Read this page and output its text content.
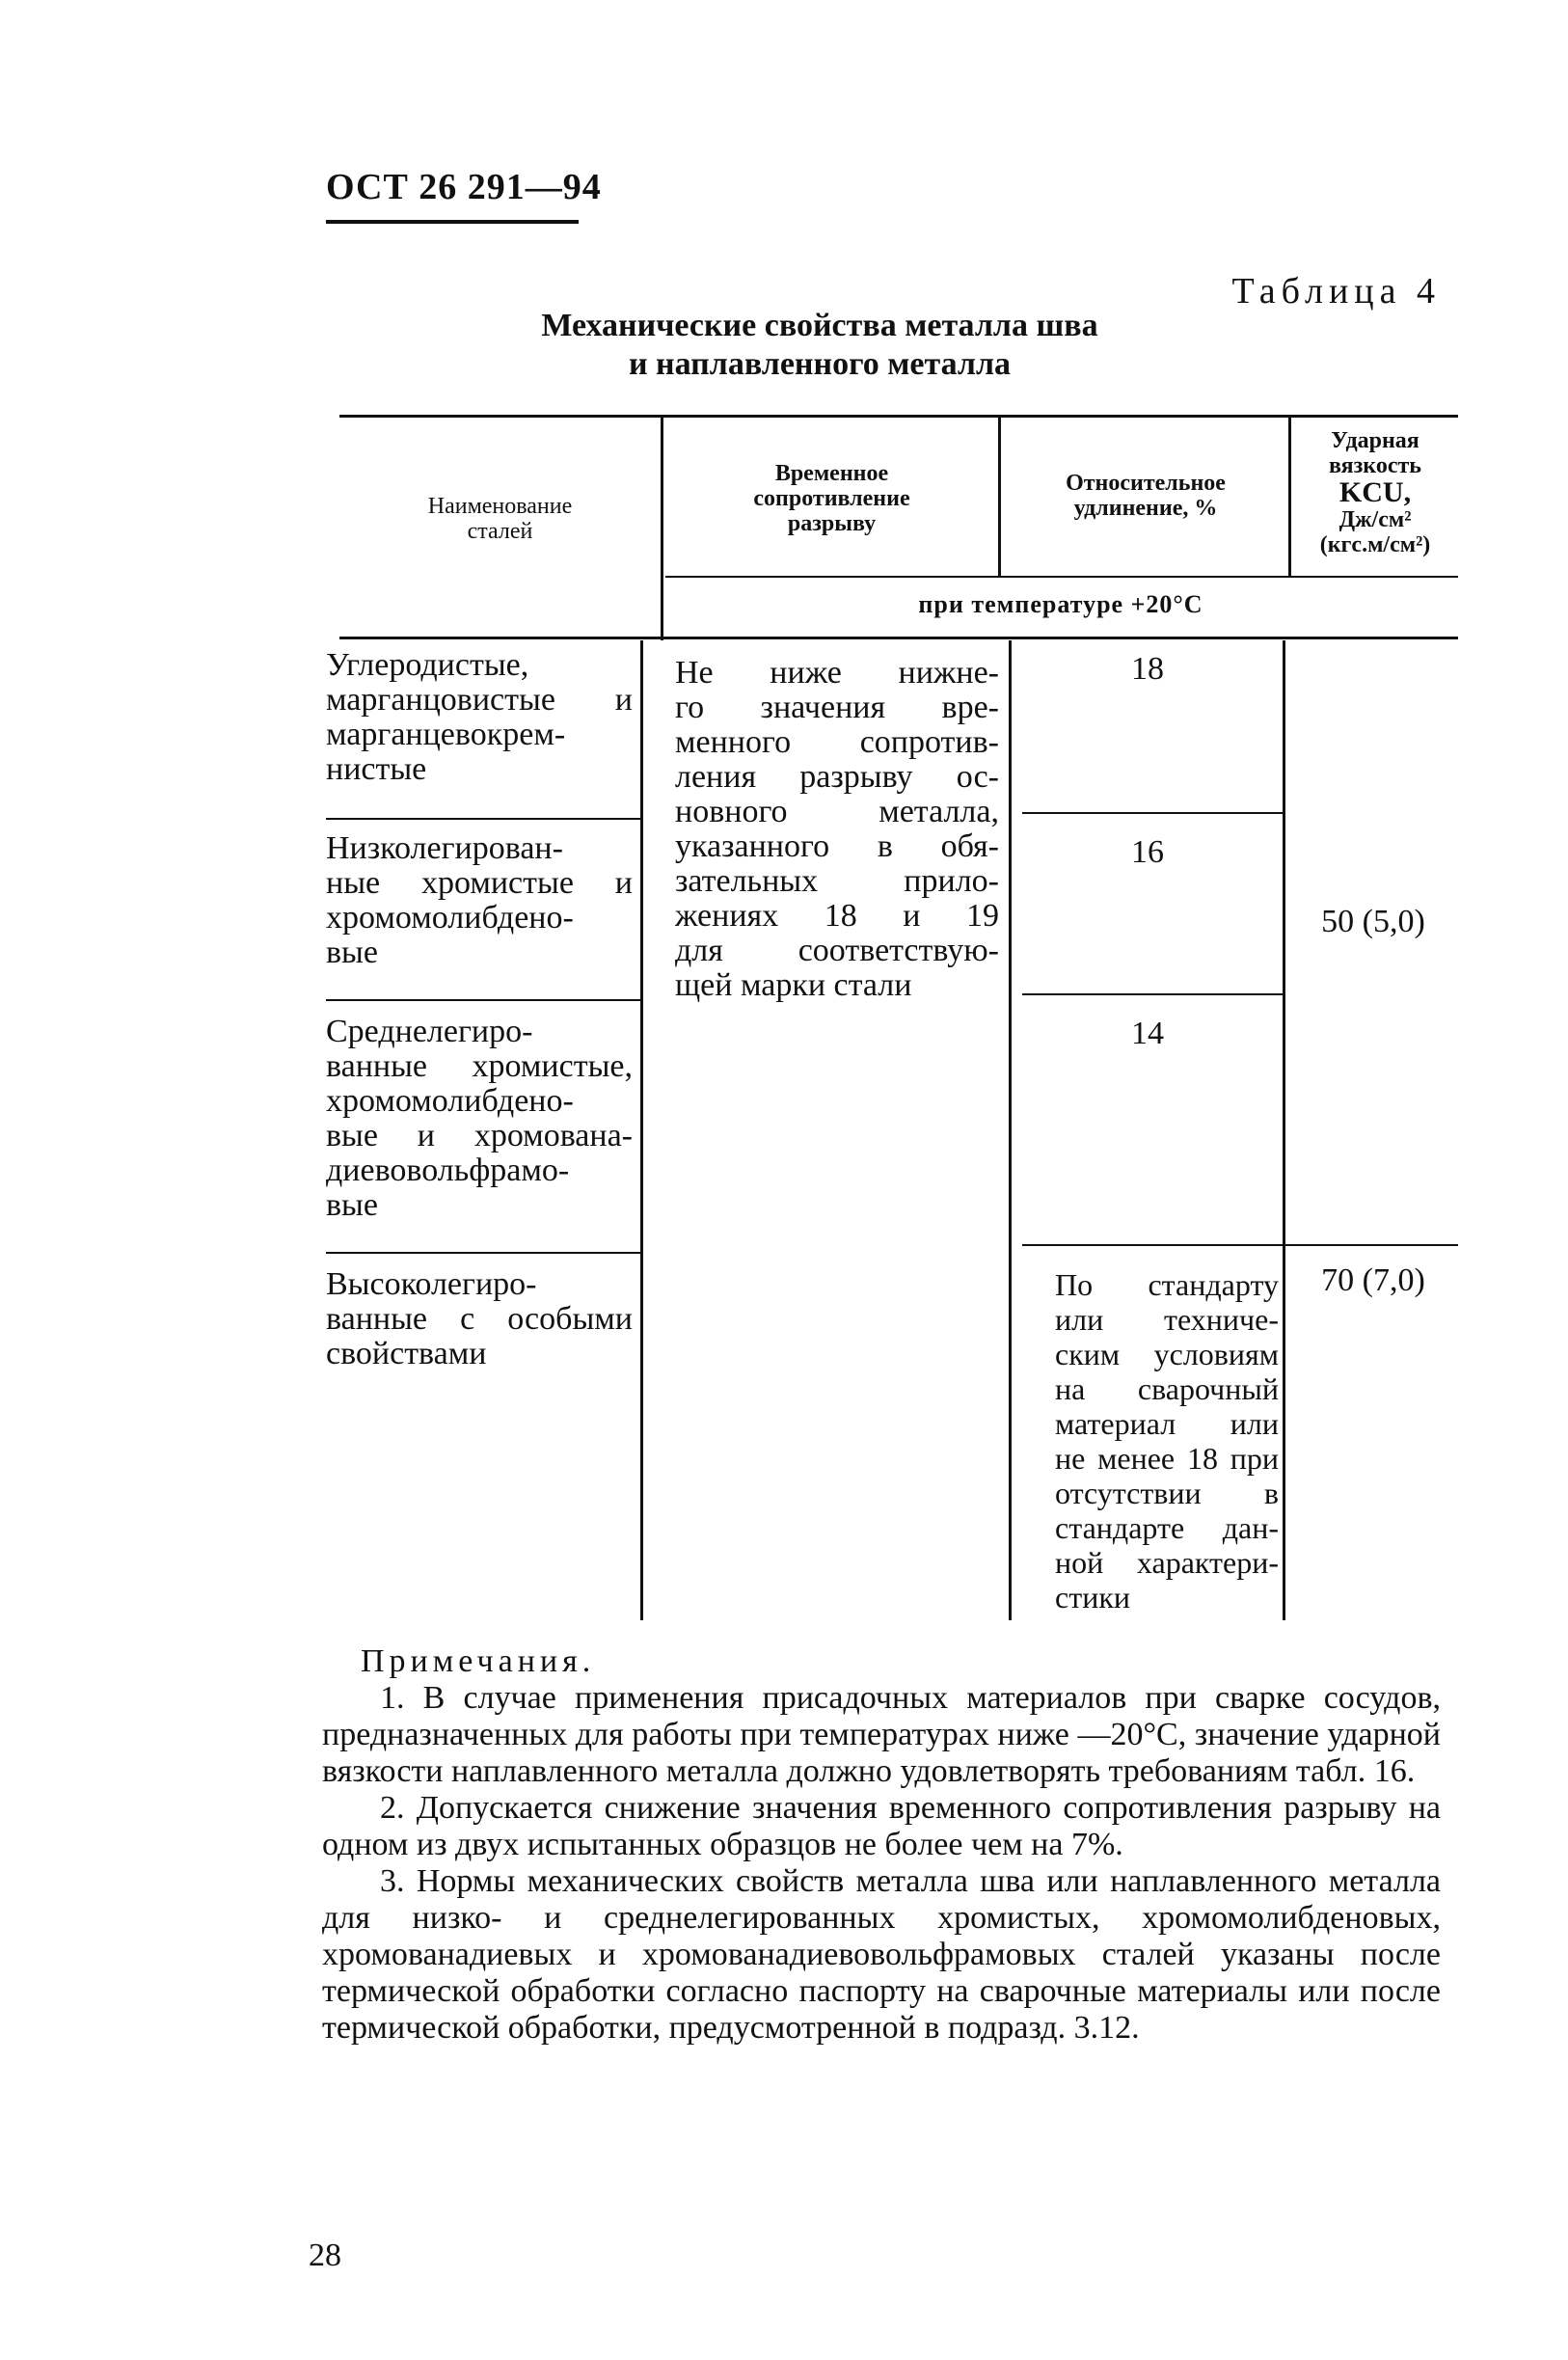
ОСТ 26 291—94
Таблица 4
Механические свойства металла шва
и наплавленного металла
Наименование
сталей
Временное
сопротивление
разрыву
Относительное
удлинение, %
Ударная
вязкость
KCU,
Дж/см²
(кгс.м/см²)
при температуре +20°С
Углеродистые,
марганцовистые и
марганцевокрем-
нистые
Низколегирован-
ные хромистые и
хромомолибдено-
вые
Среднелегиро-
ванные хромистые,
хромомолибдено-
вые и хромована-
диевовольфрамо-
вые
Высоколегиро-
ванные с особыми
свойствами
Не ниже нижне-
го значения вре-
менного сопротив-
ления разрыву ос-
новного металла,
указанного в обя-
зательных прило-
жениях 18 и 19
для соответствую-
щей марки стали
18
16
14
По стандарту
или техниче-
ским условиям
на сварочный
материал или
не менее 18 при
отсутствии в
стандарте дан-
ной характери-
стики
50 (5,0)
70 (7,0)
Примечания.

1. В случае применения присадочных материалов при сварке сосудов, предназначенных для работы при температурах ниже —20°С, значение ударной вязкости наплавленного металла должно удовлетворять требованиям табл. 16.

2. Допускается снижение значения временного сопротивления разрыву на одном из двух испытанных образцов не более чем на 7%.

3. Нормы механических свойств металла шва или наплавленного металла для низко- и среднелегированных хромистых, хромомолибденовых, хромованадиевых и хромованадиевовольфрамовых сталей указаны после термической обработки согласно паспорту на сварочные материалы или после термической обработки, предусмотренной в подразд. 3.12.

28
